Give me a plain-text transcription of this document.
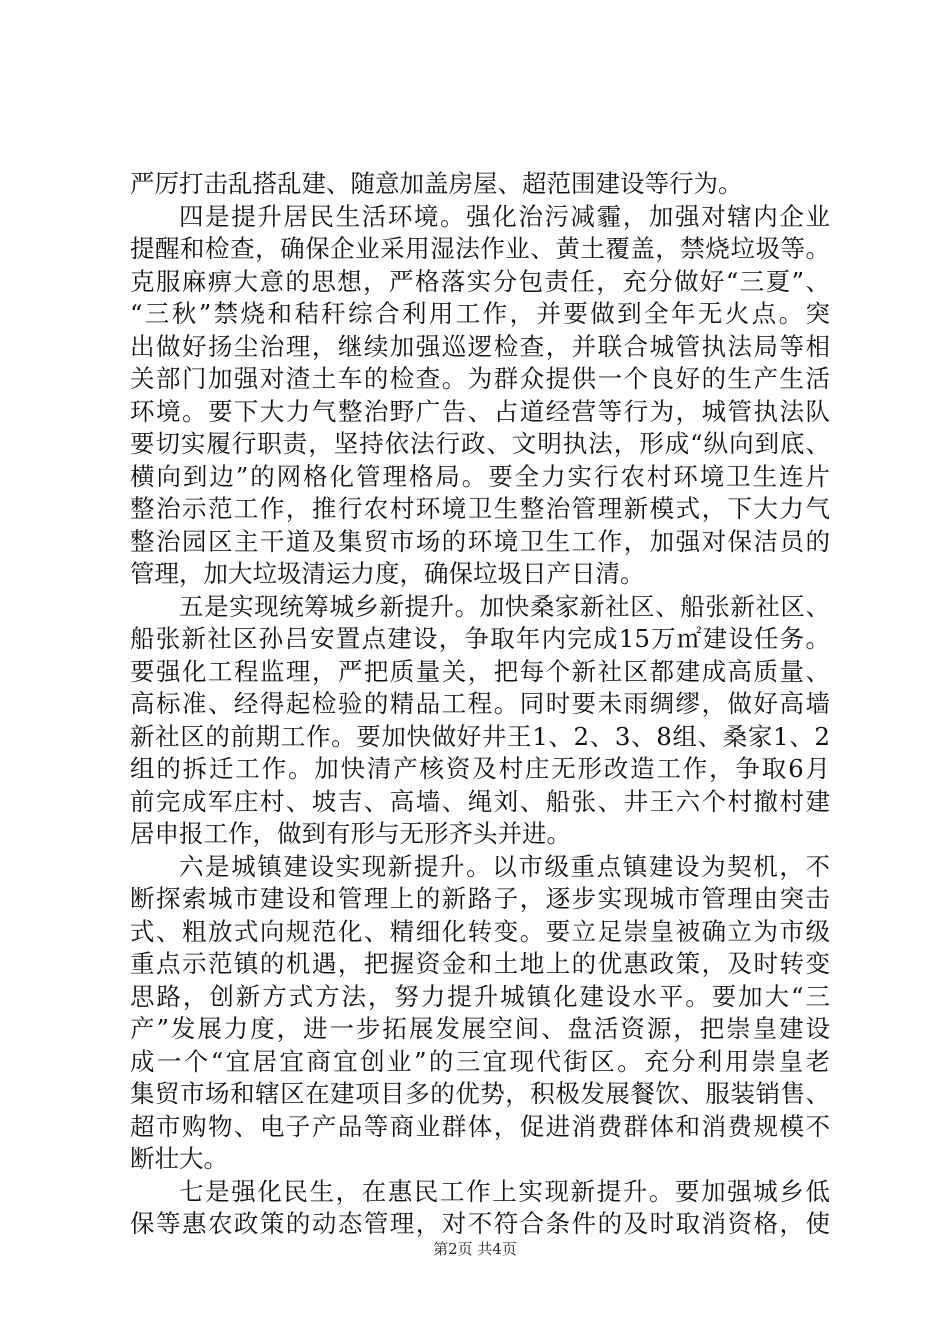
严厉打击乱搭乱建、随意加盖房屋、超范围建设等行为。
四是提升居民生活环境。强化治污减霾，加强对辖内企业
提醒和检查，确保企业采用湿法作业、黄土覆盖，禁烧垃圾等。
克服麻痹大意的思想，严格落实分包责任，充分做好“三夏”、
“三秋”禁烧和秸秆综合利用工作，并要做到全年无火点。突
出做好扬尘治理，继续加强巡逻检查，并联合城管执法局等相
关部门加强对渣土车的检查。为群众提供一个良好的生产生活
环境。要下大力气整治野广告、占道经营等行为，城管执法队
要切实履行职责，坚持依法行政、文明执法，形成“纵向到底、
横向到边”的网格化管理格局。要全力实行农村环境卫生连片
整治示范工作，推行农村环境卫生整治管理新模式，下大力气
整治园区主干道及集贸市场的环境卫生工作，加强对保洁员的
管理，加大垃圾清运力度，确保垃圾日产日清。
五是实现统筹城乡新提升。加快桑家新社区、船张新社区、
船张新社区孙吕安置点建设，争取年内完成15万㎡建设任务。
要强化工程监理，严把质量关，把每个新社区都建成高质量、
高标准、经得起检验的精品工程。同时要未雨绸缪，做好高墙
新社区的前期工作。要加快做好井王1、2、3、8组、桑家1、2
组的拆迁工作。加快清产核资及村庄无形改造工作，争取6月
前完成军庄村、坡吉、高墙、绳刘、船张、井王六个村撤村建
居申报工作，做到有形与无形齐头并进。
六是城镇建设实现新提升。以市级重点镇建设为契机，不
断探索城市建设和管理上的新路子，逐步实现城市管理由突击
式、粗放式向规范化、精细化转变。要立足崇皇被确立为市级
重点示范镇的机遇，把握资金和土地上的优惠政策，及时转变
思路，创新方式方法，努力提升城镇化建设水平。要加大“三
产”发展力度，进一步拓展发展空间、盘活资源，把崇皇建设
成一个“宜居宜商宜创业”的三宜现代街区。充分利用崇皇老
集贸市场和辖区在建项目多的优势，积极发展餐饮、服装销售、
超市购物、电子产品等商业群体，促进消费群体和消费规模不
断壮大。
七是强化民生，在惠民工作上实现新提升。要加强城乡低
保等惠农政策的动态管理，对不符合条件的及时取消资格，使
第2页 共4页
